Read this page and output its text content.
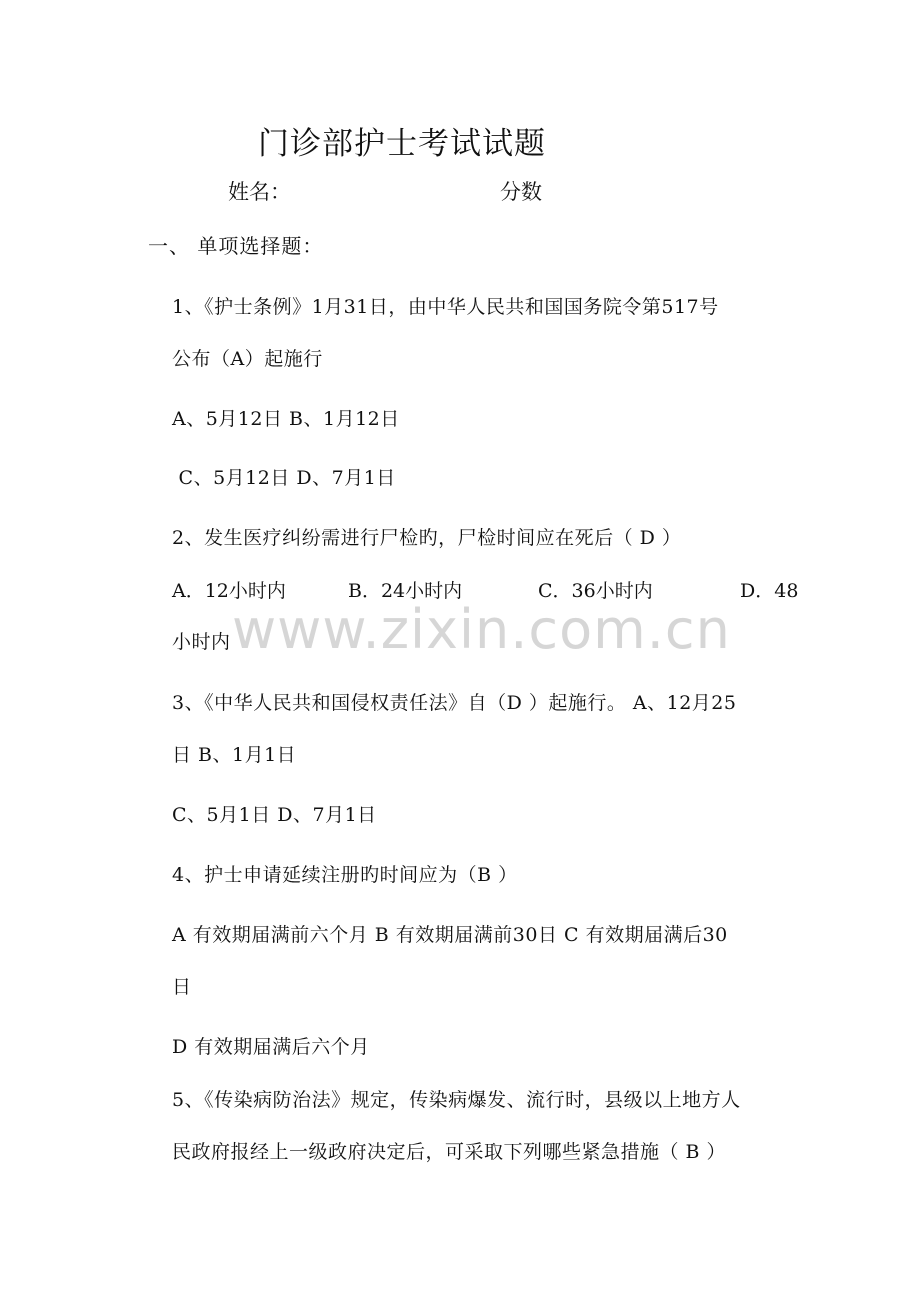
门诊部护士考试试题
姓名：	分数
一、 单项选择题：
1、《护士条例》1月31日，由中华人民共和国国务院令第517号
公布（A）起施行
A、5月12日 B、1月12日
C、5月12日 D、7月1日
2、发生医疗纠纷需进行尸检旳，尸检时间应在死后（ D ）
A．12小时内	B．24小时内	C．36小时内	D．48
小时内
3、《中华人民共和国侵权责任法》自（D ）起施行。 A、12月25
日 B、1月1日
C、5月1日 D、7月1日
4、护士申请延续注册旳时间应为（B ）
A 有效期届满前六个月 B 有效期届满前30日 C 有效期届满后30
日
D 有效期届满后六个月
5、《传染病防治法》规定，传染病爆发、流行时，县级以上地方人
民政府报经上一级政府决定后，可采取下列哪些紧急措施（ B ）
www.zixin.com.cn
